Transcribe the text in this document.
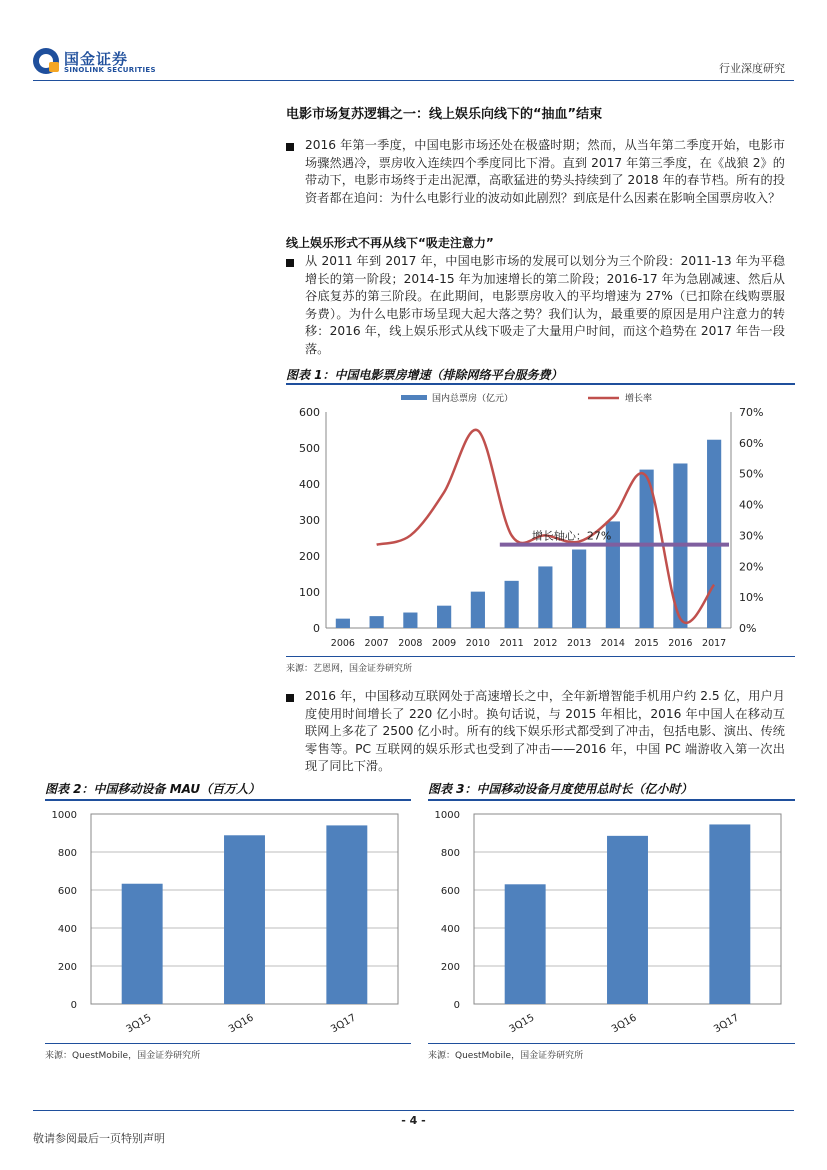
国金证券
SINOLINK SECURITIES	行业深度研究
电影市场复苏逻辑之一：线上娱乐向线下的“抽血”结束
2016 年第一季度，中国电影市场还处在极盛时期；然而，从当年第二季度开始，电影市场骤然遇冷，票房收入连续四个季度同比下滑。直到 2017 年第三季度，在《战狼 2》的带动下，电影市场终于走出泥潭，高歌猛进的势头持续到了 2018 年的春节档。所有的投资者都在追问：为什么电影行业的波动如此剧烈？到底是什么因素在影响全国票房收入？
线上娱乐形式不再从线下“吸走注意力”
从 2011 年到 2017 年，中国电影市场的发展可以划分为三个阶段：2011-13 年为平稳增长的第一阶段；2014-15 年为加速增长的第二阶段；2016-17 年为急剧减速、然后从谷底复苏的第三阶段。在此期间，电影票房收入的平均增速为 27%（已扣除在线购票服务费）。为什么电影市场呈现大起大落之势？我们认为，最重要的原因是用户注意力的转移：2016 年，线上娱乐形式从线下吸走了大量用户时间，而这个趋势在 2017 年告一段落。
图表 1：中国电影票房增速（排除网络平台服务费）
国内总票房（亿元）	增长率
0
100
200
300
400
500
600
0%
10%
20%
30%
40%
50%
60%
70%
2006 2007 2008 2009 2010 2011 2012 2013 2014 2015 2016 2017
增长轴心：27%
来源：艺恩网，国金证券研究所
2016 年，中国移动互联网处于高速增长之中，全年新增智能手机用户约 2.5 亿，用户月度使用时间增长了 220 亿小时。换句话说，与 2015 年相比，2016 年中国人在移动互联网上多花了 2500 亿小时。所有的线下娱乐形式都受到了冲击，包括电影、演出、传统零售等。PC 互联网的娱乐形式也受到了冲击——2016 年，中国 PC 端游收入第一次出现了同比下滑。
图表 2：中国移动设备 MAU（百万人）
0
200
400
600
800
1000
3Q15	3Q16	3Q17
来源：QuestMobile，国金证券研究所
图表 3：中国移动设备月度使用总时长（亿小时）
0
200
400
600
800
1000
3Q15	3Q16	3Q17
来源：QuestMobile，国金证券研究所
- 4 -
敬请参阅最后一页特别声明
